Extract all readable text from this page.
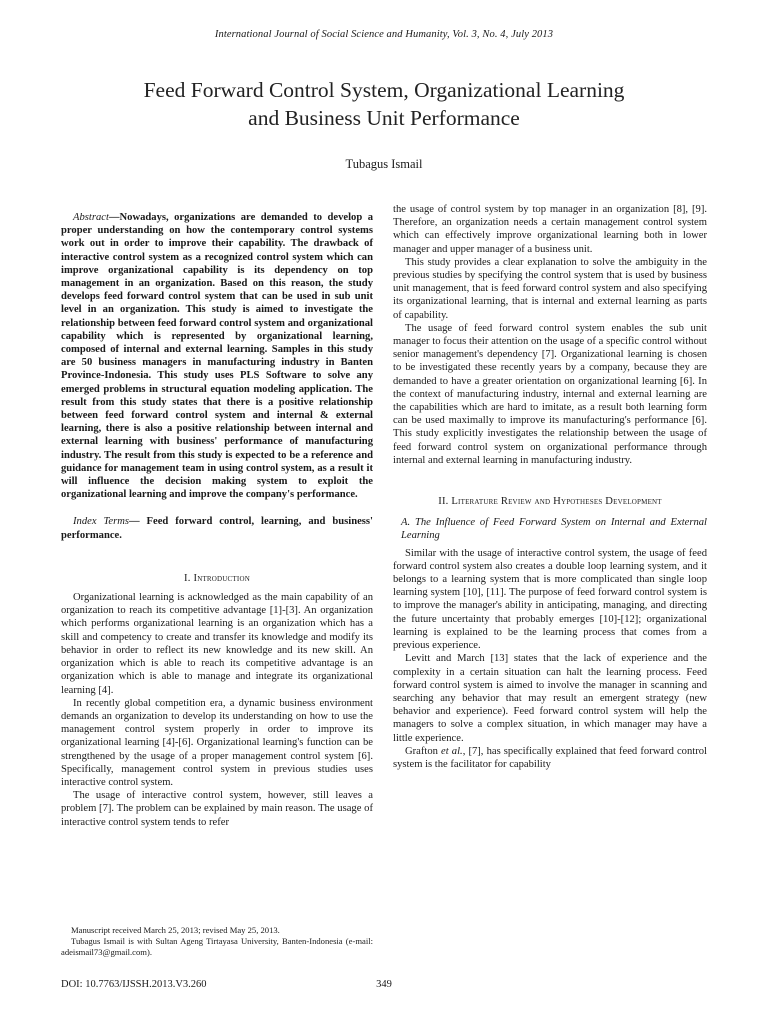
International Journal of Social Science and Humanity, Vol. 3, No. 4, July 2013
Feed Forward Control System, Organizational Learning
and Business Unit Performance
Tubagus Ismail

Abstract—Nowadays, organizations are demanded to develop a proper understanding on how the contemporary control systems work out in order to improve their capability. The drawback of interactive control system as a recognized control system which can improve organizational capability is its dependency on top management in an organization. Based on this reason, the study develops feed forward control system that can be used in sub unit level in an organization. This study is aimed to investigate the relationship between feed forward control system and organizational capability which is represented by organizational learning, composed of internal and external learning. Samples in this study are 50 business managers in manufacturing industry in Banten Province-Indonesia. This study uses PLS Software to solve any emerged problems in structural equation modeling application. The result from this study states that there is a positive relationship between feed forward control system and internal & external learning, there is also a positive relationship between internal and external learning with business' performance of manufacturing industry. The result from this study is expected to be a reference and guidance for management team in using control system, as a result it will influence the decision making system to exploit the organizational learning and improve the company's performance.

Index Terms— Feed forward control, learning, and business' performance.

I. Introduction

Organizational learning is acknowledged as the main capability of an organization to reach its competitive advantage [1]-[3]. An organization which performs organizational learning is an organization which has a skill and competency to create and transfer its knowledge and modify its behavior in order to reflect its new knowledge and its new skill. An organization which is able to reach its competitive advantage is an organization which is able to manage and integrate its organizational learning [4].

In recently global competition era, a dynamic business environment demands an organization to develop its understanding on how to use the management control system properly in order to improve its organizational learning [4]-[6]. Organizational learning's function can be strengthened by the usage of a proper management control system [6]. Specifically, management control system in previous studies uses interactive control system.

The usage of interactive control system, however, still leaves a problem [7]. The problem can be explained by main reason. The usage of interactive control system tends to refer

the usage of control system by top manager in an organization [8], [9]. Therefore, an organization needs a certain management control system which can effectively improve organizational learning both in lower manager and upper manager of a business unit.

This study provides a clear explanation to solve the ambiguity in the previous studies by specifying the control system that is used by business unit management, that is feed forward control system and also specifying its organizational learning, that is internal and external learning as parts of capability.

The usage of feed forward control system enables the sub unit manager to focus their attention on the usage of a specific control without senior management's dependency [7]. Organizational learning is chosen to be investigated these recently years by a company, because they are demanded to have a greater orientation on organizational learning [6]. In the context of manufacturing industry, internal and external learning are the capabilities which are hard to imitate, as a result both learning form can be used maximally to improve its manufacturing's performance [6]. This study explicitly investigates the relationship between the usage of feed forward control system on organizational performance through internal and external learning in manufacturing industry.

II. Literature Review and Hypotheses Development

A. The Influence of Feed Forward System on Internal and External Learning

Similar with the usage of interactive control system, the usage of feed forward control system also creates a double loop learning system, and it belongs to a learning system that is more complicated than single loop learning system [10], [11]. The purpose of feed forward control system is to improve the manager's ability in anticipating, managing, and directing the future uncertainty that probably emerges [10]-[12]; organizational learning is explained to be the learning process that comes from a previous experience.

Levitt and March [13] states that the lack of experience and the complexity in a certain situation can halt the learning process. Feed forward control system is aimed to involve the manager in scanning and searching any behavior that may result an emergent strategy (new behavior and experience). Feed forward control system will help the managers to solve a complex situation, in which manager may have a little experience.

Grafton et al., [7], has specifically explained that feed forward control system is the facilitator for capability

Manuscript received March 25, 2013; revised May 25, 2013.

Tubagus Ismail is with Sultan Ageng Tirtayasa University, Banten-Indonesia (e-mail: adeismail73@gmail.com).

DOI: 10.7763/IJSSH.2013.V3.260	349
